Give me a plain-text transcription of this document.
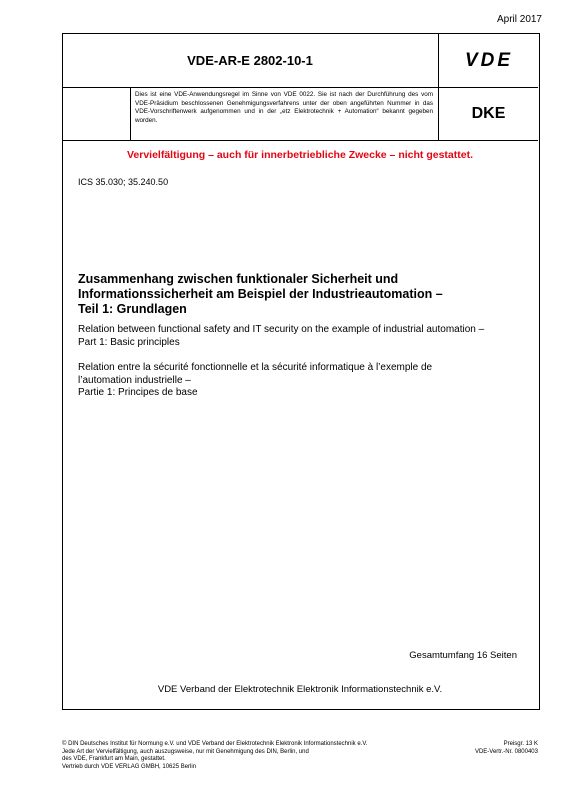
April 2017
VDE-AR-E 2802-10-1	VDE
Dies ist eine VDE-Anwendungsregel im Sinne von VDE 0022. Sie ist nach der Durchführung des vom VDE-Präsidium beschlossenen Genehmigungsverfahrens unter der oben angeführten Nummer in das VDE-Vorschriftenwerk aufgenommen und in der „etz Elektrotechnik + Automation“ bekannt gegeben worden.	DKE
Vervielfältigung – auch für innerbetriebliche Zwecke – nicht gestattet.
ICS 35.030; 35.240.50
Zusammenhang zwischen funktionaler Sicherheit und
Informationssicherheit am Beispiel der Industrieautomation –
Teil 1: Grundlagen
Relation between functional safety and IT security on the example of industrial automation –
Part 1: Basic principles
Relation entre la sécurité fonctionnelle et la sécurité informatique à l’exemple de
l’automation industrielle –
Partie 1: Principes de base
Gesamtumfang 16 Seiten
VDE Verband der Elektrotechnik Elektronik Informationstechnik e.V.
© DIN Deutsches Institut für Normung e.V. und VDE Verband der Elektrotechnik Elektronik Informationstechnik e.V.
Jede Art der Vervielfältigung, auch auszugsweise, nur mit Genehmigung des DIN, Berlin, und
des VDE, Frankfurt am Main, gestattet.
Vertrieb durch VDE VERLAG GMBH, 10625 Berlin
Preisgr. 13 K
VDE-Vertr.-Nr. 0800403
